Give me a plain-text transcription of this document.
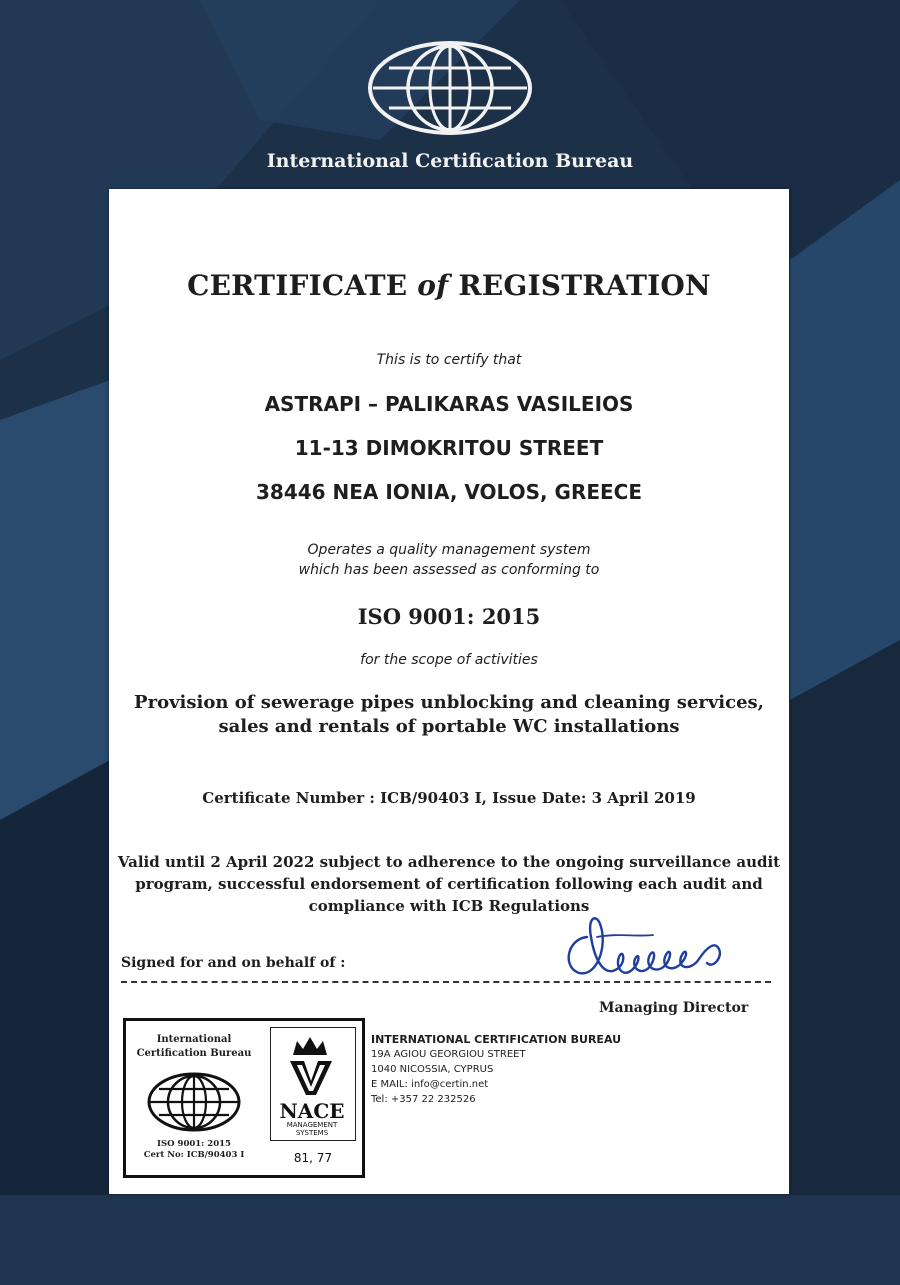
International Certification Bureau
CERTIFICATE of REGISTRATION
This is to certify that
ASTRAPI – PALIKARAS VASILEIOS
11-13 DIMOKRITOU STREET
38446 NEA IONIA, VOLOS, GREECE
Operates a quality management system
which has been assessed as conforming to
ISO 9001: 2015
for the scope of activities
Provision of sewerage pipes unblocking and cleaning services,
sales and rentals of portable WC installations
Certificate Number : ICB/90403 I, Issue Date: 3 April 2019
Valid until 2 April 2022 subject to adherence to the ongoing surveillance audit
program, successful endorsement of certification following each audit and
compliance with ICB Regulations
Signed for and on behalf of :
Managing Director
International
Certification Bureau
ISO 9001: 2015
Cert No: ICB/90403 I
NACE
MANAGEMENT
SYSTEMS
81, 77
INTERNATIONAL CERTIFICATION BUREAU
19A AGIOU GEORGIOU STREET
1040 NICOSSIA, CYPRUS
E MAIL: info@certin.net
Tel: +357 22 232526
